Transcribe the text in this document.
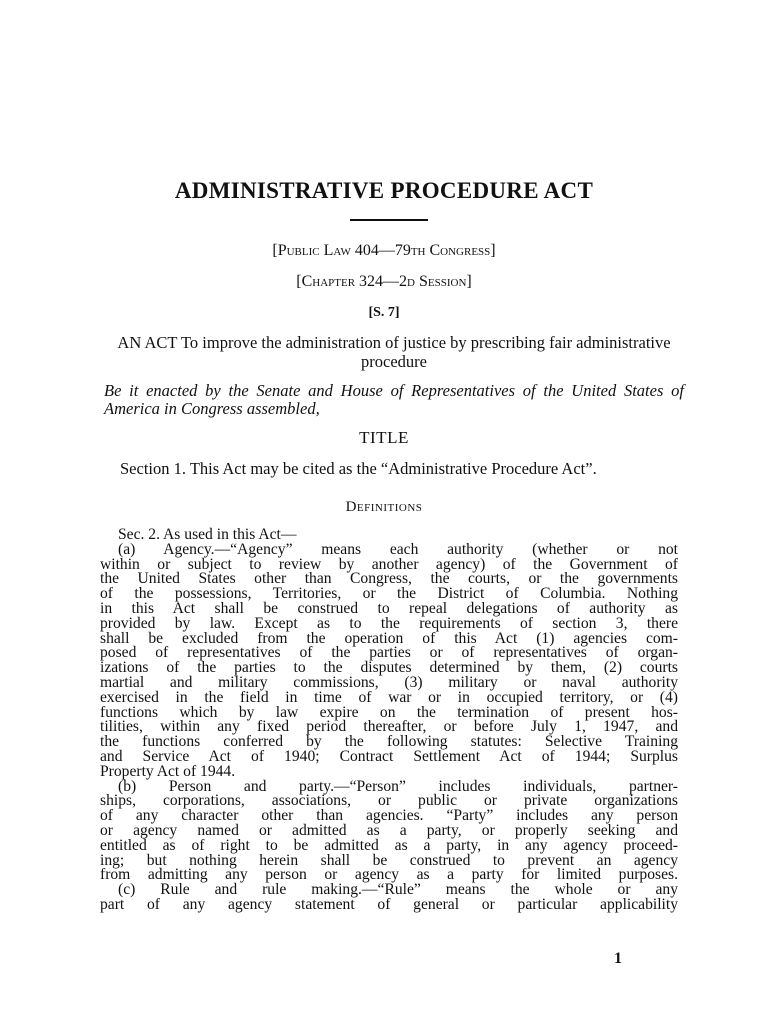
ADMINISTRATIVE PROCEDURE ACT
[Public Law 404—79th Congress]
[Chapter 324—2d Session]
[S. 7]
AN ACT To improve the administration of justice by prescribing fair administrative procedure
Be it enacted by the Senate and House of Representatives of the United States of America in Congress assembled,
TITLE
Section 1. This Act may be cited as the “Administrative Procedure Act”.
Definitions
Sec. 2. As used in this Act—
(a) Agency.—“Agency” means each authority (whether or not
within or subject to review by another agency) of the Government of
the United States other than Congress, the courts, or the governments
of the possessions, Territories, or the District of Columbia. Nothing
in this Act shall be construed to repeal delegations of authority as
provided by law. Except as to the requirements of section 3, there
shall be excluded from the operation of this Act (1) agencies com-
posed of representatives of the parties or of representatives of organ-
izations of the parties to the disputes determined by them, (2) courts
martial and military commissions, (3) military or naval authority
exercised in the field in time of war or in occupied territory, or (4)
functions which by law expire on the termination of present hos-
tilities, within any fixed period thereafter, or before July 1, 1947, and
the functions conferred by the following statutes: Selective Training
and Service Act of 1940; Contract Settlement Act of 1944; Surplus
Property Act of 1944.
(b) Person and party.—“Person” includes individuals, partner-
ships, corporations, associations, or public or private organizations
of any character other than agencies. “Party” includes any person
or agency named or admitted as a party, or properly seeking and
entitled as of right to be admitted as a party, in any agency proceed-
ing; but nothing herein shall be construed to prevent an agency
from admitting any person or agency as a party for limited purposes.
(c) Rule and rule making.—“Rule” means the whole or any
part of any agency statement of general or particular applicability
1
